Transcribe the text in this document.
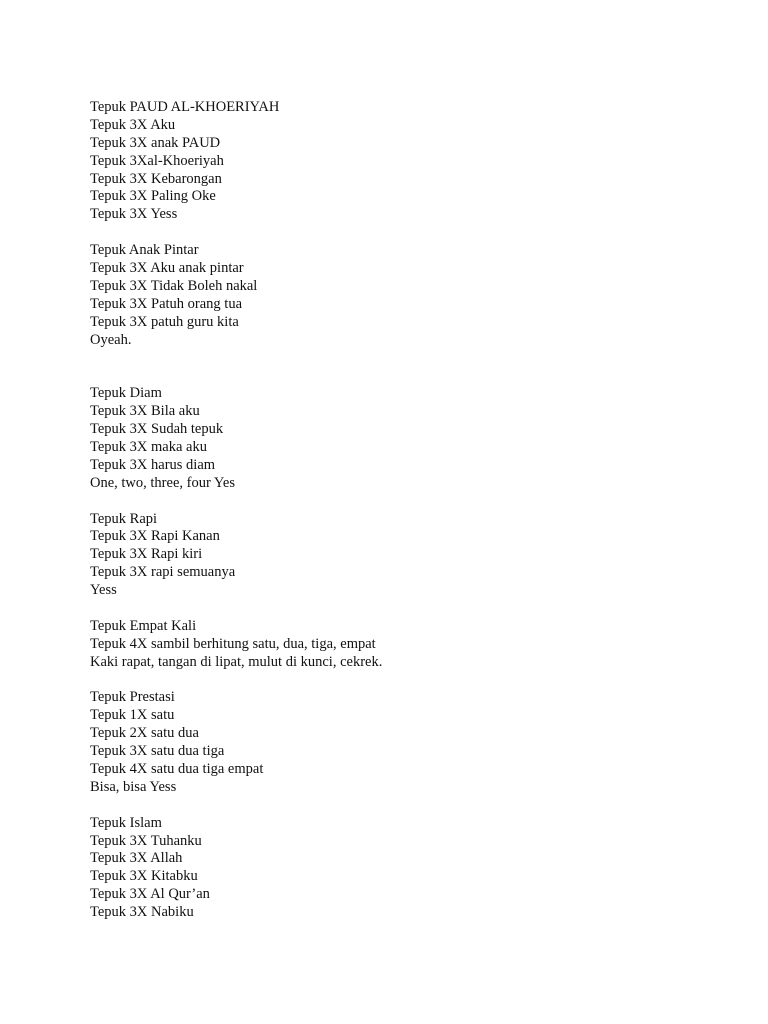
Tepuk PAUD AL-KHOERIYAH
Tepuk 3X Aku
Tepuk 3X anak PAUD
Tepuk 3Xal-Khoeriyah
Tepuk 3X Kebarongan
Tepuk 3X Paling Oke
Tepuk 3X Yess
Tepuk Anak Pintar
Tepuk 3X Aku anak pintar
Tepuk 3X Tidak Boleh nakal
Tepuk 3X Patuh orang tua
Tepuk 3X patuh guru kita
Oyeah.
Tepuk Diam
Tepuk 3X Bila aku
Tepuk 3X Sudah tepuk
Tepuk 3X maka aku
Tepuk 3X harus diam
One, two, three, four Yes
Tepuk Rapi
Tepuk 3X Rapi Kanan
Tepuk 3X Rapi kiri
Tepuk 3X rapi semuanya
Yess
Tepuk Empat Kali
Tepuk 4X sambil berhitung satu, dua, tiga, empat
Kaki rapat, tangan di lipat, mulut di kunci, cekrek.
Tepuk Prestasi
Tepuk 1X satu
Tepuk 2X satu dua
Tepuk 3X satu dua tiga
Tepuk 4X satu dua tiga empat
Bisa, bisa Yess
Tepuk Islam
Tepuk 3X Tuhanku
Tepuk 3X Allah
Tepuk 3X Kitabku
Tepuk 3X Al Qur’an
Tepuk 3X Nabiku
